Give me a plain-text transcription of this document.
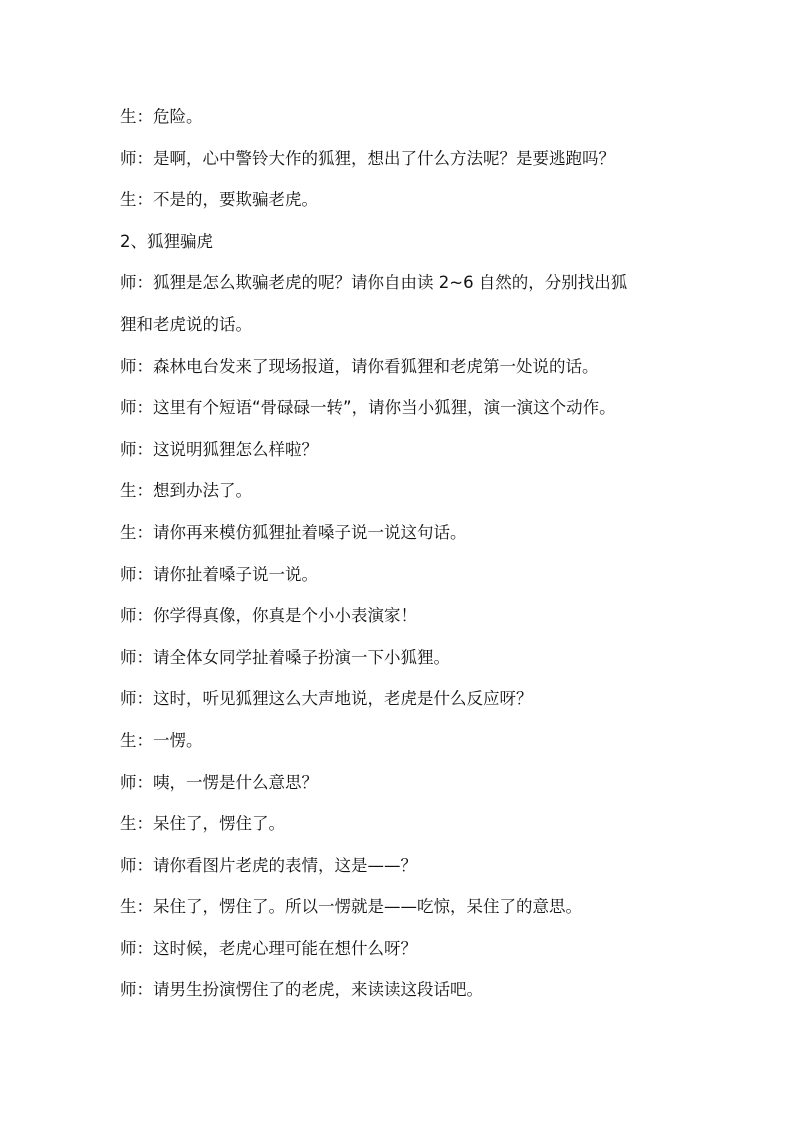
生：危险。
师：是啊，心中警铃大作的狐狸，想出了什么方法呢？是要逃跑吗？
生：不是的，要欺骗老虎。
2、狐狸骗虎
师：狐狸是怎么欺骗老虎的呢？请你自由读 2~6 自然的，分别找出狐
狸和老虎说的话。
师：森林电台发来了现场报道，请你看狐狸和老虎第一处说的话。
师：这里有个短语“骨碌碌一转”，请你当小狐狸，演一演这个动作。
师：这说明狐狸怎么样啦？
生：想到办法了。
生：请你再来模仿狐狸扯着嗓子说一说这句话。
师：请你扯着嗓子说一说。
师：你学得真像，你真是个小小表演家！
师：请全体女同学扯着嗓子扮演一下小狐狸。
师：这时，听见狐狸这么大声地说，老虎是什么反应呀？
生：一愣。
师：咦，一愣是什么意思？
生：呆住了，愣住了。
师：请你看图片老虎的表情，这是——？
生：呆住了，愣住了。所以一愣就是——吃惊，呆住了的意思。
师：这时候，老虎心理可能在想什么呀？
师：请男生扮演愣住了的老虎，来读读这段话吧。
